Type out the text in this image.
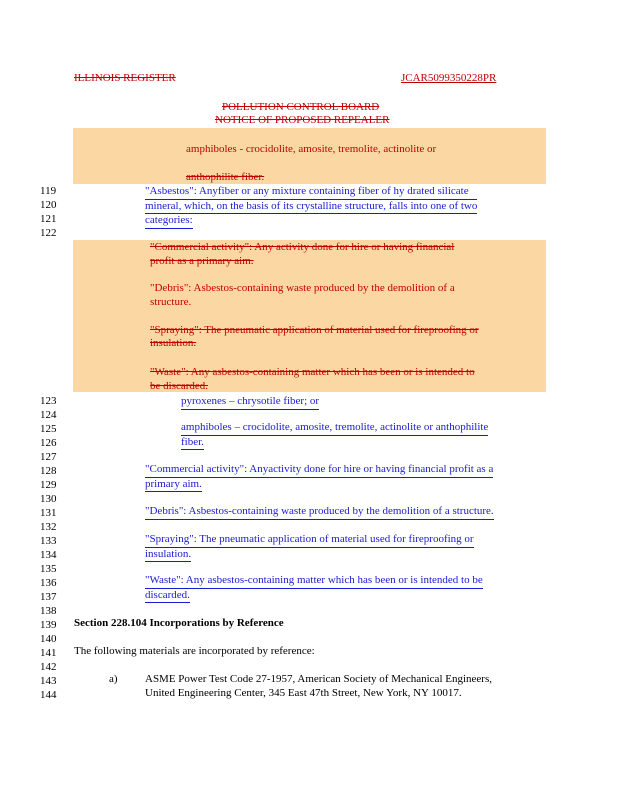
ILLINOIS REGISTER	JCAR5099350228PR
POLLUTION CONTROL BOARD
NOTICE OF PROPOSED REPEALER
amphiboles - crocidolite, amosite, tremolite, actinolite or
anthophilite fiber.
119
120
121
122
123
124
125
126
127
128
129
130
131
132
133
134
135
136
137
138
139
140
141
142
143
144
"Asbestos": Anyfiber or any mixture containing fiber of hy drated silicate
mineral, which, on the basis of its crystalline structure, falls into one of two
categories:
"Commercial activity": Any activity done for hire or having financial
profit as a primary aim.
"Debris": Asbestos-containing waste produced by the demolition of a
structure.
"Spraying": The pneumatic application of material used for fireproofing or
insulation.
"Waste": Any asbestos-containing matter which has been or is intended to
be discarded.
pyroxenes – chrysotile fiber; or
amphiboles – crocidolite, amosite, tremolite, actinolite or anthophilite
fiber.
"Commercial activity": Anyactivity done for hire or having financial profit as a
primary aim.
"Debris": Asbestos-containing waste produced by the demolition of a structure.
"Spraying": The pneumatic application of material used for fireproofing or
insulation.
"Waste": Any asbestos-containing matter which has been or is intended to be
discarded.
Section 228.104 Incorporations by Reference
The following materials are incorporated by reference:
a) ASME Power Test Code 27-1957, American Society of Mechanical Engineers,
United Engineering Center, 345 East 47th Street, New York, NY 10017.
